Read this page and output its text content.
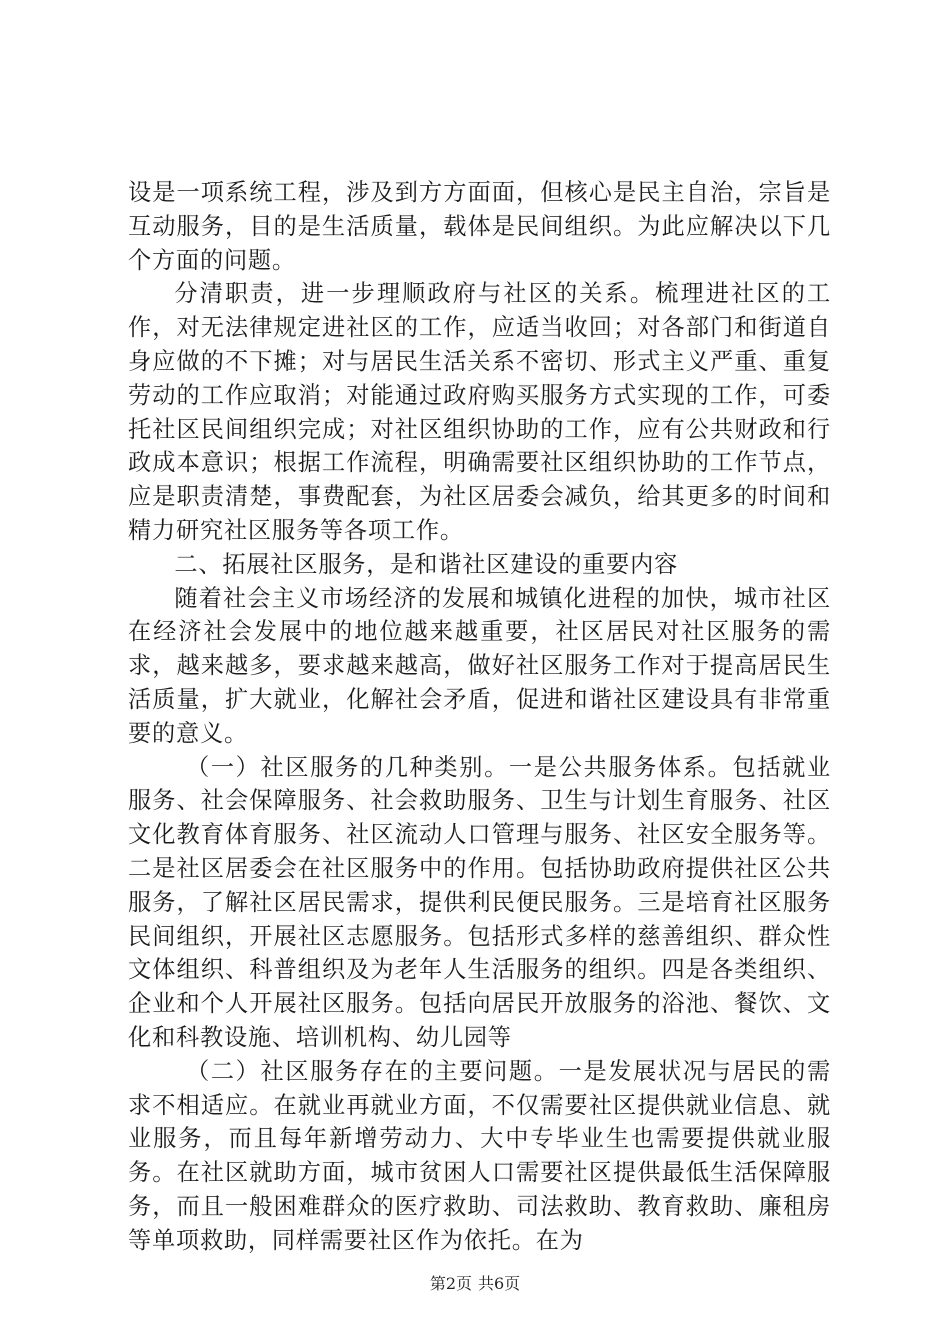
设是一项系统工程，涉及到方方面面，但核心是民主自治，宗旨是互动服务，目的是生活质量，载体是民间组织。为此应解决以下几个方面的问题。

分清职责，进一步理顺政府与社区的关系。梳理进社区的工作，对无法律规定进社区的工作，应适当收回；对各部门和街道自身应做的不下摊；对与居民生活关系不密切、形式主义严重、重复劳动的工作应取消；对能通过政府购买服务方式实现的工作，可委托社区民间组织完成；对社区组织协助的工作，应有公共财政和行政成本意识；根据工作流程，明确需要社区组织协助的工作节点，应是职责清楚，事费配套，为社区居委会减负，给其更多的时间和精力研究社区服务等各项工作。

二、拓展社区服务，是和谐社区建设的重要内容

随着社会主义市场经济的发展和城镇化进程的加快，城市社区在经济社会发展中的地位越来越重要，社区居民对社区服务的需求，越来越多，要求越来越高，做好社区服务工作对于提高居民生活质量，扩大就业，化解社会矛盾，促进和谐社区建设具有非常重要的意义。

（一）社区服务的几种类别。一是公共服务体系。包括就业服务、社会保障服务、社会救助服务、卫生与计划生育服务、社区文化教育体育服务、社区流动人口管理与服务、社区安全服务等。二是社区居委会在社区服务中的作用。包括协助政府提供社区公共服务，了解社区居民需求，提供利民便民服务。三是培育社区服务民间组织，开展社区志愿服务。包括形式多样的慈善组织、群众性文体组织、科普组织及为老年人生活服务的组织。四是各类组织、企业和个人开展社区服务。包括向居民开放服务的浴池、餐饮、文化和科教设施、培训机构、幼儿园等

（二）社区服务存在的主要问题。一是发展状况与居民的需求不相适应。在就业再就业方面，不仅需要社区提供就业信息、就业服务，而且每年新增劳动力、大中专毕业生也需要提供就业服务。在社区就助方面，城市贫困人口需要社区提供最低生活保障服务，而且一般困难群众的医疗救助、司法救助、教育救助、廉租房等单项救助，同样需要社区作为依托。在为

第2页 共6页
